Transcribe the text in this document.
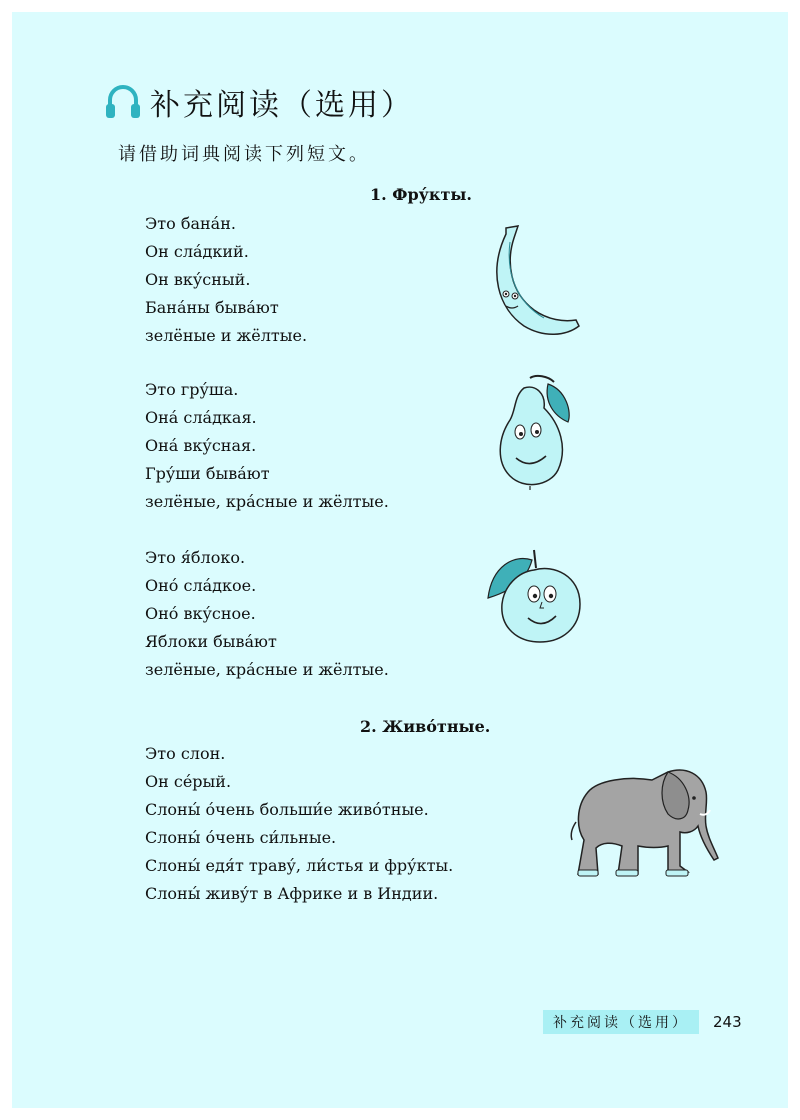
补充阅读（选用）
请借助词典阅读下列短文。
1. Фру́кты.
Это бана́н.
Он сла́дкий.
Он вку́сный.
Бана́ны быва́ют
зелёные и жёлтые.
Это гру́ша.
Она́ сла́дкая.
Она́ вку́сная.
Гру́ши быва́ют
зелёные, кра́сные и жёлтые.
Это я́блоко.
Оно́ сла́дкое.
Оно́ вку́сное.
Яблоки быва́ют
зелёные, кра́сные и жёлтые.
2. Живо́тные.
Это слон.
Он се́рый.
Слоны́ о́чень больши́е живо́тные.
Слоны́ о́чень си́льные.
Слоны́ едя́т траву́, ли́стья и фру́кты.
Слоны́ живу́т в Африке и в Индии.
补充阅读（选用）	243
